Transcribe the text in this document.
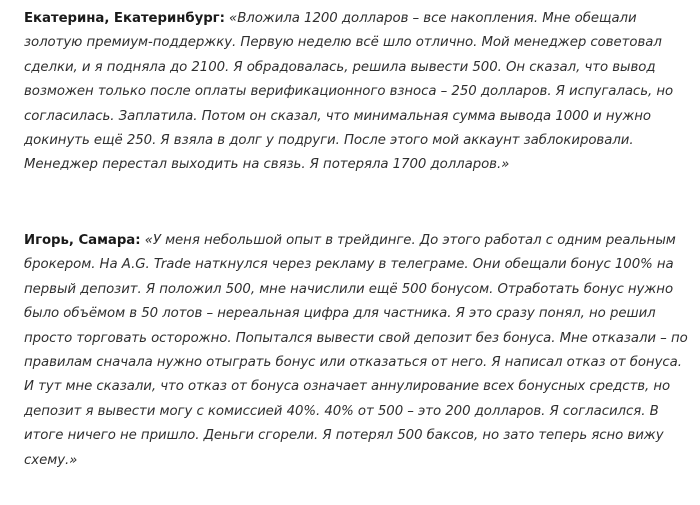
Екатерина, Екатеринбург: «Вложила 1200 долларов – все накопления. Мне обещали золотую премиум-поддержку. Первую неделю всё шло отлично. Мой менеджер советовал сделки, и я подняла до 2100. Я обрадовалась, решила вывести 500. Он сказал, что вывод возможен только после оплаты верификационного взноса – 250 долларов. Я испугалась, но согласилась. Заплатила. Потом он сказал, что минимальная сумма вывода 1000 и нужно докинуть ещё 250. Я взяла в долг у подруги. После этого мой аккаунт заблокировали. Менеджер перестал выходить на связь. Я потеряла 1700 долларов.»

Игорь, Самара: «У меня небольшой опыт в трейдинге. До этого работал с одним реальным брокером. На A.G. Trade наткнулся через рекламу в телеграме. Они обещали бонус 100% на первый депозит. Я положил 500, мне начислили ещё 500 бонусом. Отработать бонус нужно было объёмом в 50 лотов – нереальная цифра для частника. Я это сразу понял, но решил просто торговать осторожно. Попытался вывести свой депозит без бонуса. Мне отказали – по правилам сначала нужно отыграть бонус или отказаться от него. Я написал отказ от бонуса. И тут мне сказали, что отказ от бонуса означает аннулирование всех бонусных средств, но депозит я вывести могу с комиссией 40%. 40% от 500 – это 200 долларов. Я согласился. В итоге ничего не пришло. Деньги сгорели. Я потерял 500 баксов, но зато теперь ясно вижу схему.»
